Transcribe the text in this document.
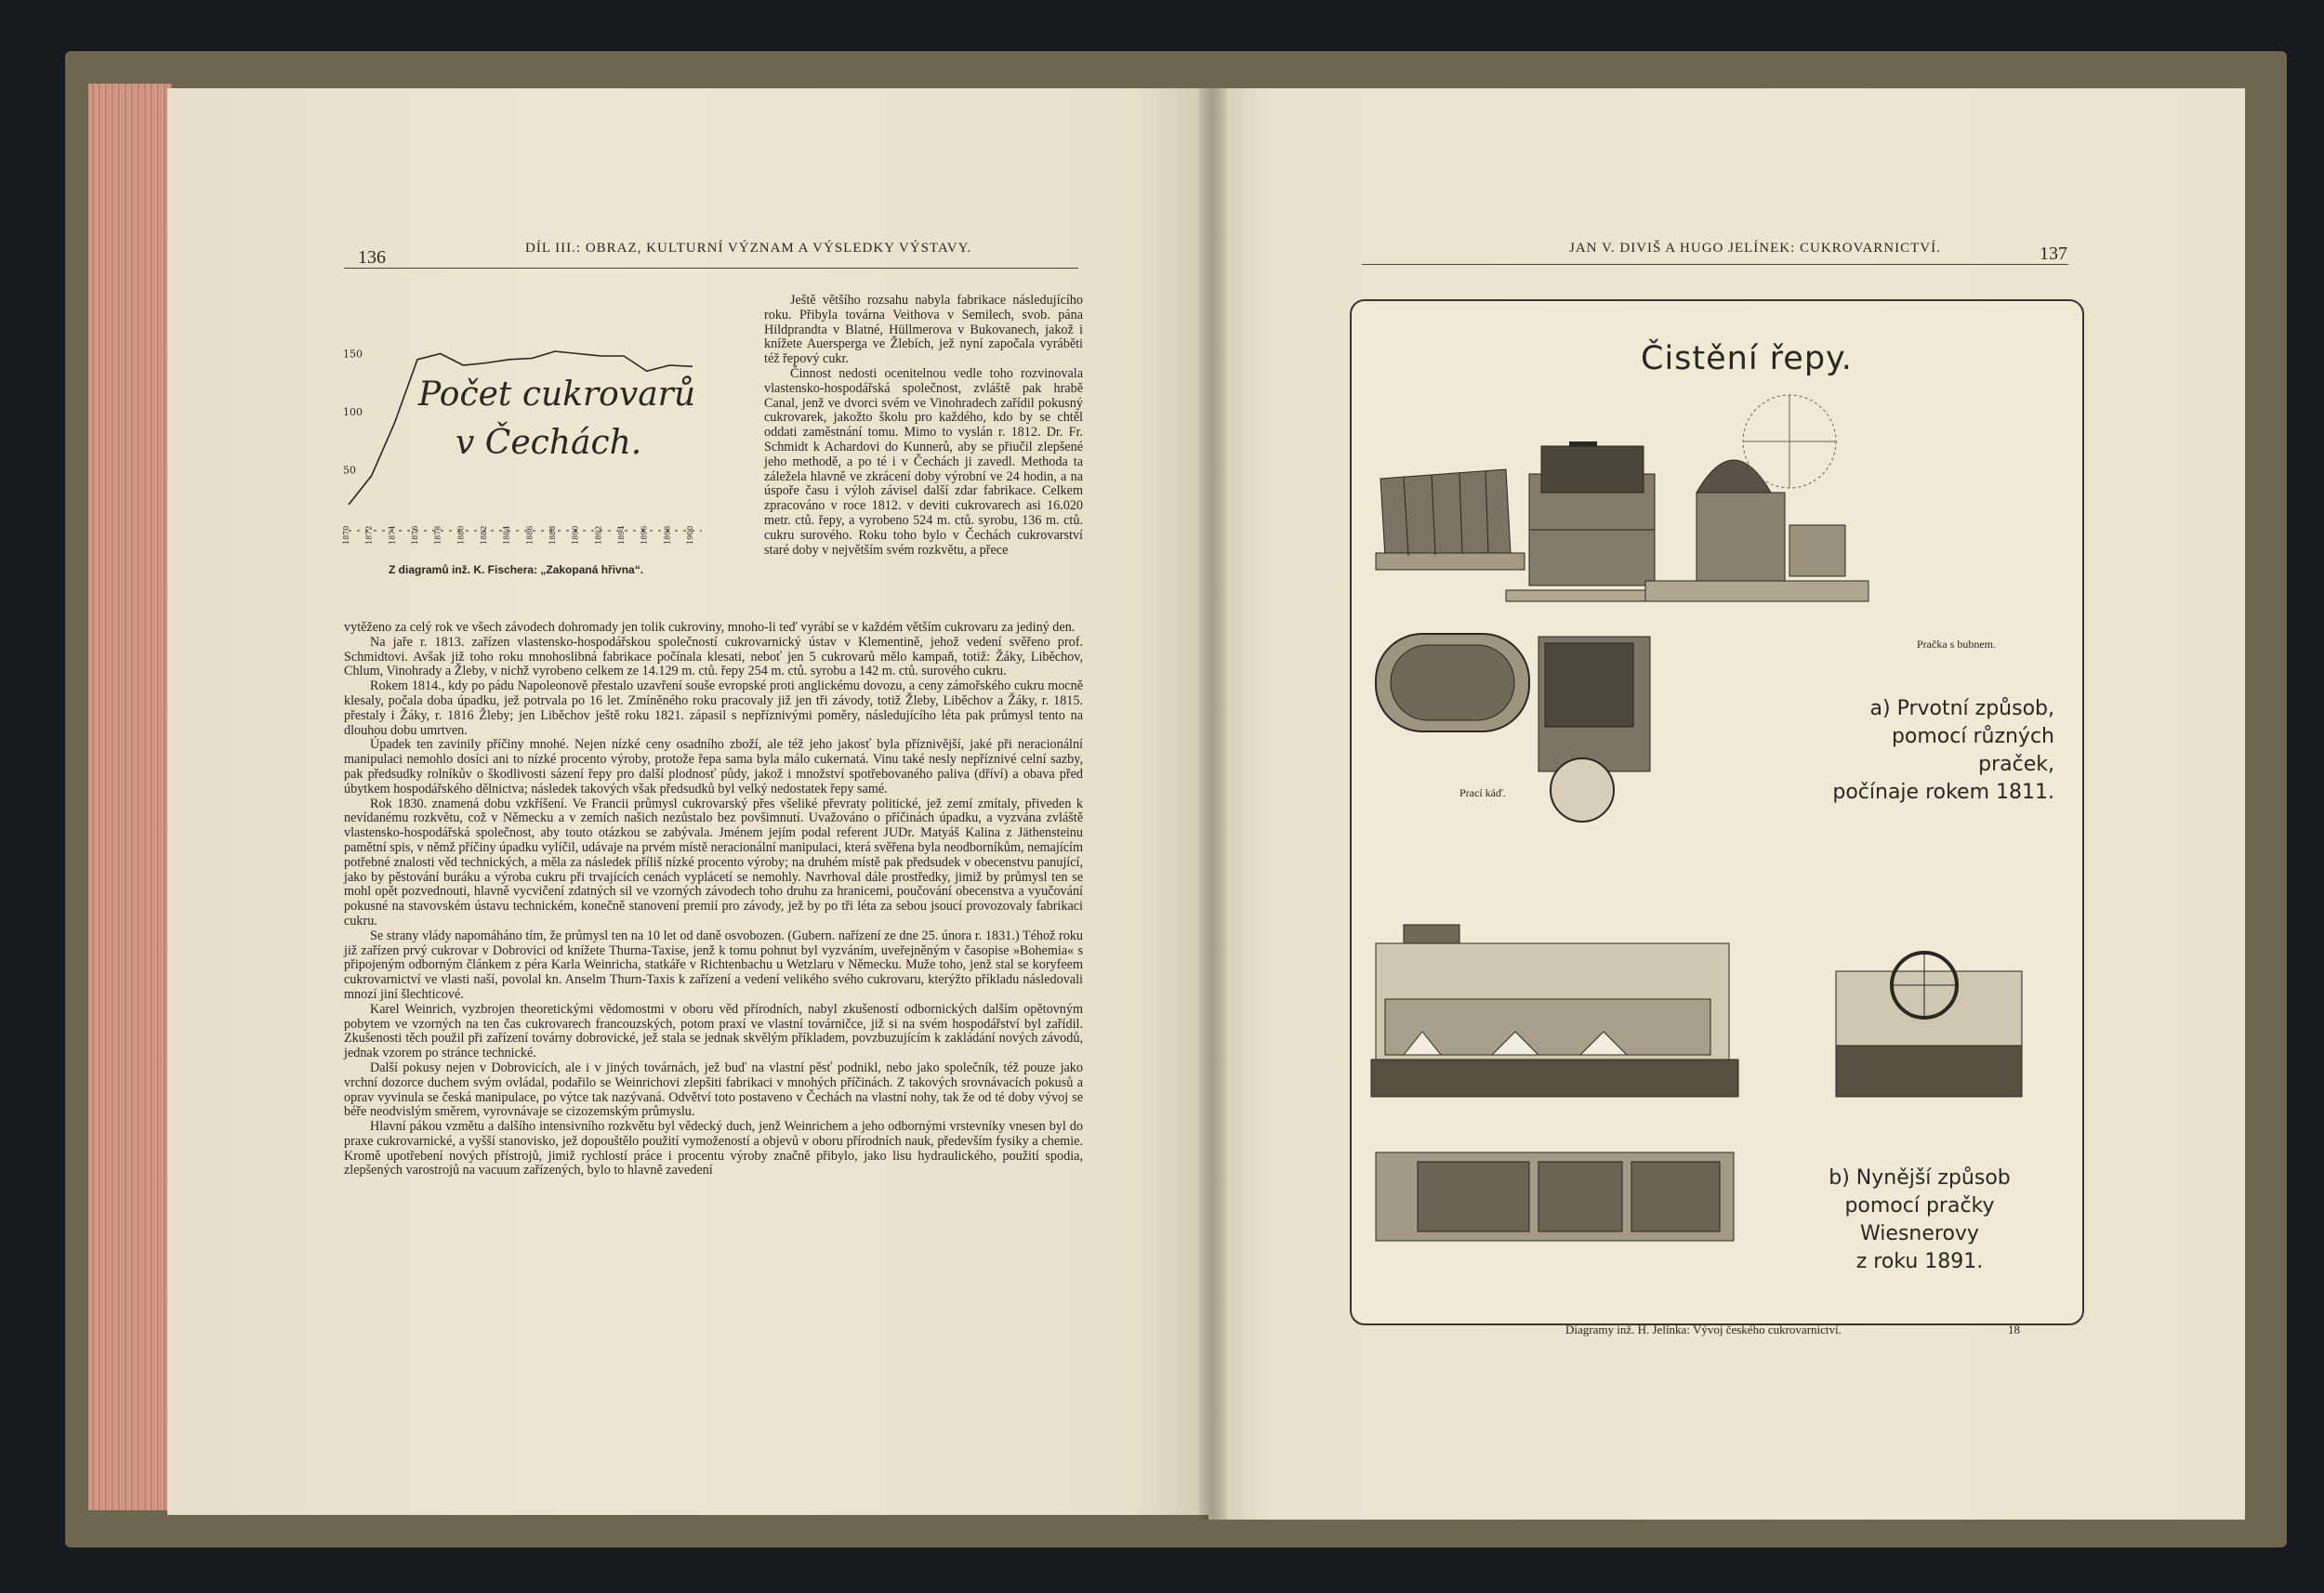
136	DÍL III.: OBRAZ, KULTURNÍ VÝZNAM A VÝSLEDKY VÝSTAVY.
150
100
50
1870 1872 1874 1876 1878 1880 1882 1884 1886 1888 1890 1892 1894 1896 1898 1900
Počet cukrovarů
v Čechách.
Z diagramů inž. K. Fischera: „Zakopaná hřivna“.

Ještě většího rozsahu nabyla fabrikace následujícího roku. Přibyla továrna Veithova v Semilech, svob. pána Hildprandta v Blatné, Hüllmerova v Bukovanech, jakož i knížete Auersperga ve Žlebích, jež nyní započala vyráběti též řepový cukr.

Činnost nedosti ocenitelnou vedle toho rozvinovala vlastensko-hospodářská společnost, zvláště pak hrabě Canal, jenž ve dvorci svém ve Vinohradech zařídil pokusný cukrovarek, jakožto školu pro každého, kdo by se chtěl oddati zaměstnání tomu. Mimo to vyslán r. 1812. Dr. Fr. Schmidt k Achardovi do Kunnerů, aby se přiučil zlepšené jeho methodě, a po té i v Čechách ji zavedl. Methoda ta záležela hlavně ve zkrácení doby výrobní ve 24 hodin, a na úspoře času i výloh závisel další zdar fabrikace. Celkem zpracováno v roce 1812. v deviti cukrovarech asi 16.020 metr. ctů. řepy, a vyrobeno 524 m. ctů. syrobu, 136 m. ctů. cukru surového. Roku toho bylo v Čechách cukrovarství staré doby v největším svém rozkvětu, a přece

vytěženo za celý rok ve všech závodech dohromady jen tolik cukroviny, mnoho-li teď vyrábí se v každém větším cukrovaru za jediný den.

Na jaře r. 1813. zařízen vlastensko-hospodářskou společností cukrovarnický ústav v Klementině, jehož vedení svěřeno prof. Schmidtovi. Avšak již toho roku mnohoslibná fabrikace počínala klesati, neboť jen 5 cukrovarů mělo kampaň, totiž: Žáky, Liběchov, Chlum, Vinohrady a Žleby, v nichž vyrobeno celkem ze 14.129 m. ctů. řepy 254 m. ctů. syrobu a 142 m. ctů. surového cukru.

Rokem 1814., kdy po pádu Napoleonově přestalo uzavření souše evropské proti anglickému dovozu, a ceny zámořského cukru mocně klesaly, počala doba úpadku, jež potrvala po 16 let. Zmíněného roku pracovaly již jen tři závody, totiž Žleby, Liběchov a Žáky, r. 1815. přestaly i Žáky, r. 1816 Žleby; jen Liběchov ještě roku 1821. zápasil s nepříznivými poměry, následujícího léta pak průmysl tento na dlouhou dobu umrtven.

Úpadek ten zavinily příčiny mnohé. Nejen nízké ceny osadního zboží, ale též jeho jakosť byla příznivější, jaké při neracionální manipulaci nemohlo dosíci ani to nízké procento výroby, protože řepa sama byla málo cukernatá. Vinu také nesly nepříznivé celní sazby, pak předsudky rolníkův o škodlivosti sázení řepy pro další plodnosť půdy, jakož i množství spotřebovaného paliva (dříví) a obava před úbytkem hospodářského dělnictva; následek takových však předsudků byl velký nedostatek řepy samé.

Rok 1830. znamená dobu vzkříšení. Ve Francii průmysl cukrovarský přes všeliké převraty politické, jež zemí zmítaly, přiveden k nevídanému rozkvětu, což v Německu a v zemích našich nezůstalo bez povšimnutí. Uvažováno o příčinách úpadku, a vyzvána zvláště vlastensko-hospodářská společnost, aby touto otázkou se zabývala. Jménem jejím podal referent JUDr. Matyáš Kalina z Jäthensteinu pamětní spis, v němž příčiny úpadku vylíčil, udávaje na prvém místě neracionální manipulaci, která svěřena byla neodborníkům, nemajícím potřebné znalosti věd technických, a měla za následek příliš nízké procento výroby; na druhém místě pak předsudek v obecenstvu panující, jako by pěstování buráku a výroba cukru při trvajících cenách vyplácetí se nemohly. Navrhoval dále prostředky, jimiž by průmysl ten se mohl opět pozvednouti, hlavně vycvičení zdatných sil ve vzorných závodech toho druhu za hranicemi, poučování obecenstva a vyučování pokusné na stavovském ústavu technickém, konečně stanovení premií pro závody, jež by po tři léta za sebou jsoucí provozovaly fabrikaci cukru.

Se strany vlády napomáháno tím, že průmysl ten na 10 let od daně osvobozen. (Gubern. nařízení ze dne 25. února r. 1831.) Téhož roku již zařízen prvý cukrovar v Dobrovici od knížete Thurna-Taxise, jenž k tomu pohnut byl vyzváním, uveřejněným v časopise »Bohemia« s připojeným odborným článkem z péra Karla Weinricha, statkáře v Richtenbachu u Wetzlaru v Německu. Muže toho, jenž stal se koryfeem cukrovarnictví ve vlasti naší, povolal kn. Anselm Thurn-Taxis k zařízení a vedení velikého svého cukrovaru, kterýžto příkladu následovali mnozí jiní šlechticové.

Karel Weinrich, vyzbrojen theoretickými vědomostmi v oboru věd přírodních, nabyl zkušeností odbornických dalším opětovným pobytem ve vzorných na ten čas cukrovarech francouzských, potom praxí ve vlastní továrničce, již si na svém hospodářství byl zařídil. Zkušenosti těch použil při zařízení továrny dobrovické, jež stala se jednak skvělým příkladem, povzbuzujícím k zakládání nových závodů, jednak vzorem po stránce technické.

Další pokusy nejen v Dobrovicích, ale i v jiných továrnách, jež buď na vlastní pěsť podnikl, nebo jako společník, též pouze jako vrchní dozorce duchem svým ovládal, podařilo se Weinrichovi zlepšiti fabrikaci v mnohých příčinách. Z takových srovnávacích pokusů a oprav vyvinula se česká manipulace, po výtce tak nazývaná. Odvětví toto postaveno v Čechách na vlastní nohy, tak že od té doby vývoj se béře neodvislým směrem, vyrovnávaje se cizozemským průmyslu.

Hlavní pákou vzmětu a dalšího intensivního rozkvětu byl vědecký duch, jenž Weinrichem a jeho odbornými vrstevníky vnesen byl do praxe cukrovarnické, a vyšší stanovisko, jež dopouštělo použití vymožeností a objevů v oboru přírodních nauk, především fysiky a chemie. Kromě upotřebení nových přístrojů, jimiž rychlostí práce i procentu výroby značně přibylo, jako lisu hydraulického, použití spodia, zlepšených varostrojů na vacuum zařízených, bylo to hlavně zavedení

JAN V. DIVIŠ A HUGO JELÍNEK: CUKROVARNICTVÍ.	137
Čistění řepy.
Pračka s bubnem.
Prací káď.
a) Prvotní způsob,
pomocí různých praček,
počínaje rokem 1811.
b) Nynější způsob
pomocí pračky Wiesnerovy
z roku 1891.
Diagramy inž. H. Jelínka: Vývoj českého cukrovarnictví.	18
